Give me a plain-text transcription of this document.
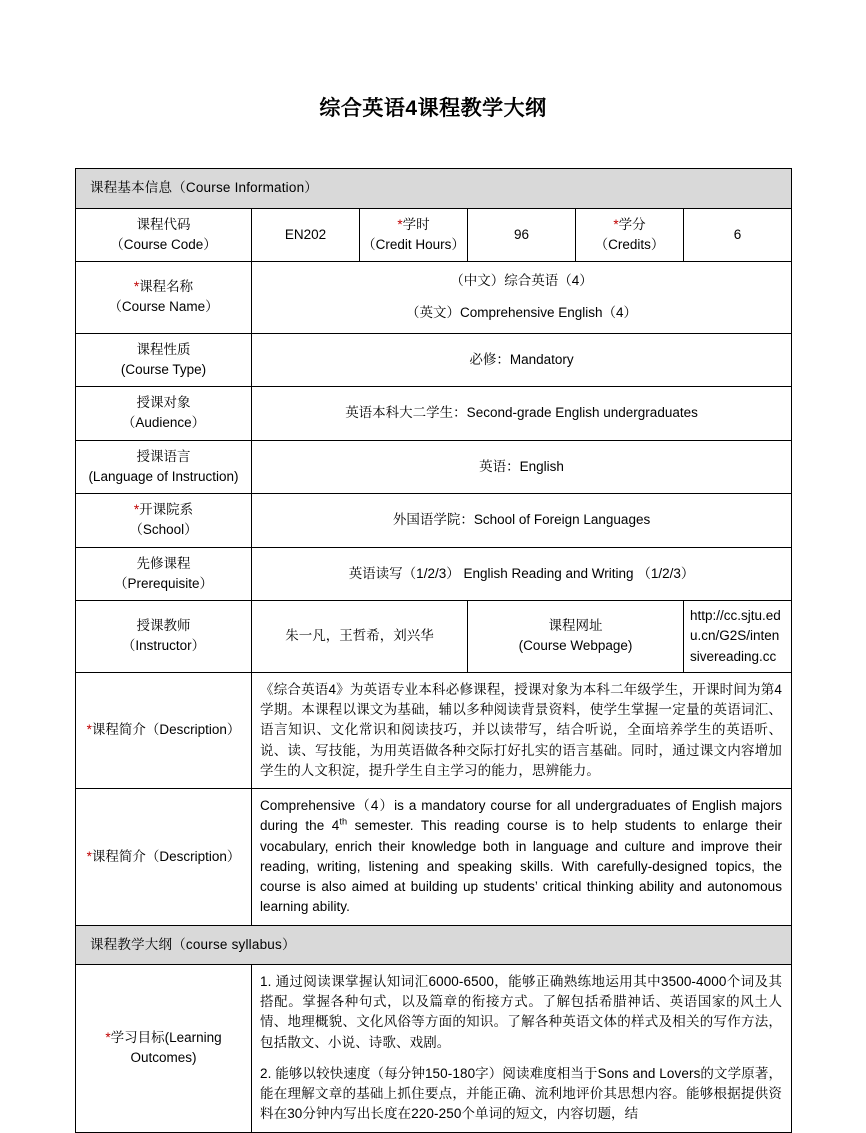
综合英语4课程教学大纲
课程基本信息（Course Information）					

课程代码
（Course Code）
	EN202	
*学时
（Credit Hours）
	96	
*学分
（Credits）
	6

*课程名称
（Course Name）

（中文）综合英语（4）
（英文）Comprehensive English（4）

课程性质
(Course Type)	必修：Mandatory				

授课对象
（Audience）	英语本科大二学生：Second-grade English undergraduates				

授课语言
(Language of Instruction)	英语：English				

*开课院系
（School）	外国语学院：School of Foreign Languages				

先修课程
（Prerequisite）	英语读写（1/2/3） English Reading and Writing （1/2/3）				

授课教师
（Instructor）
	朱一凡，王哲希，刘兴华	
课程网址
(Course Webpage)
	http://cc.sjtu.edu.cn/G2S/intensivereading.cc
*课程简介（Description）	《综合英语4》为英语专业本科必修课程，授课对象为本科二年级学生，开课时间为第4学期。本课程以课文为基础，辅以多种阅读背景资料，使学生掌握一定量的英语词汇、语言知识、文化常识和阅读技巧，并以读带写，结合听说，全面培养学生的英语听、说、读、写技能，为用英语做各种交际打好扎实的语言基础。同时，通过课文内容增加学生的人文积淀，提升学生自主学习的能力，思辨能力。				
*课程简介（Description）	Comprehensive（4）is a mandatory course for all undergraduates of English majors during the 4th semester. This reading course is to help students to enlarge their vocabulary, enrich their knowledge both in language and culture and improve their reading, writing, listening and speaking skills. With carefully-designed topics, the course is also aimed at building up students’ critical thinking ability and autonomous learning ability.				
课程教学大纲（course syllabus）					
*学习目标(Learning Outcomes)	1. 通过阅读课掌握认知词汇6000-6500，能够正确熟练地运用其中3500-4000个词及其搭配。掌握各种句式，以及篇章的衔接方式。了解包括希腊神话、英语国家的风土人情、地理概貌、文化风俗等方面的知识。了解各种英语文体的样式及相关的写作方法，包括散文、小说、诗歌、戏剧。

2. 能够以较快速度（每分钟150-180字）阅读难度相当于Sons and Lovers的文学原著，能在理解文章的基础上抓住要点，并能正确、流利地评价其思想内容。能够根据提供资料在30分钟内写出长度在220-250个单词的短文，内容切题，结				
